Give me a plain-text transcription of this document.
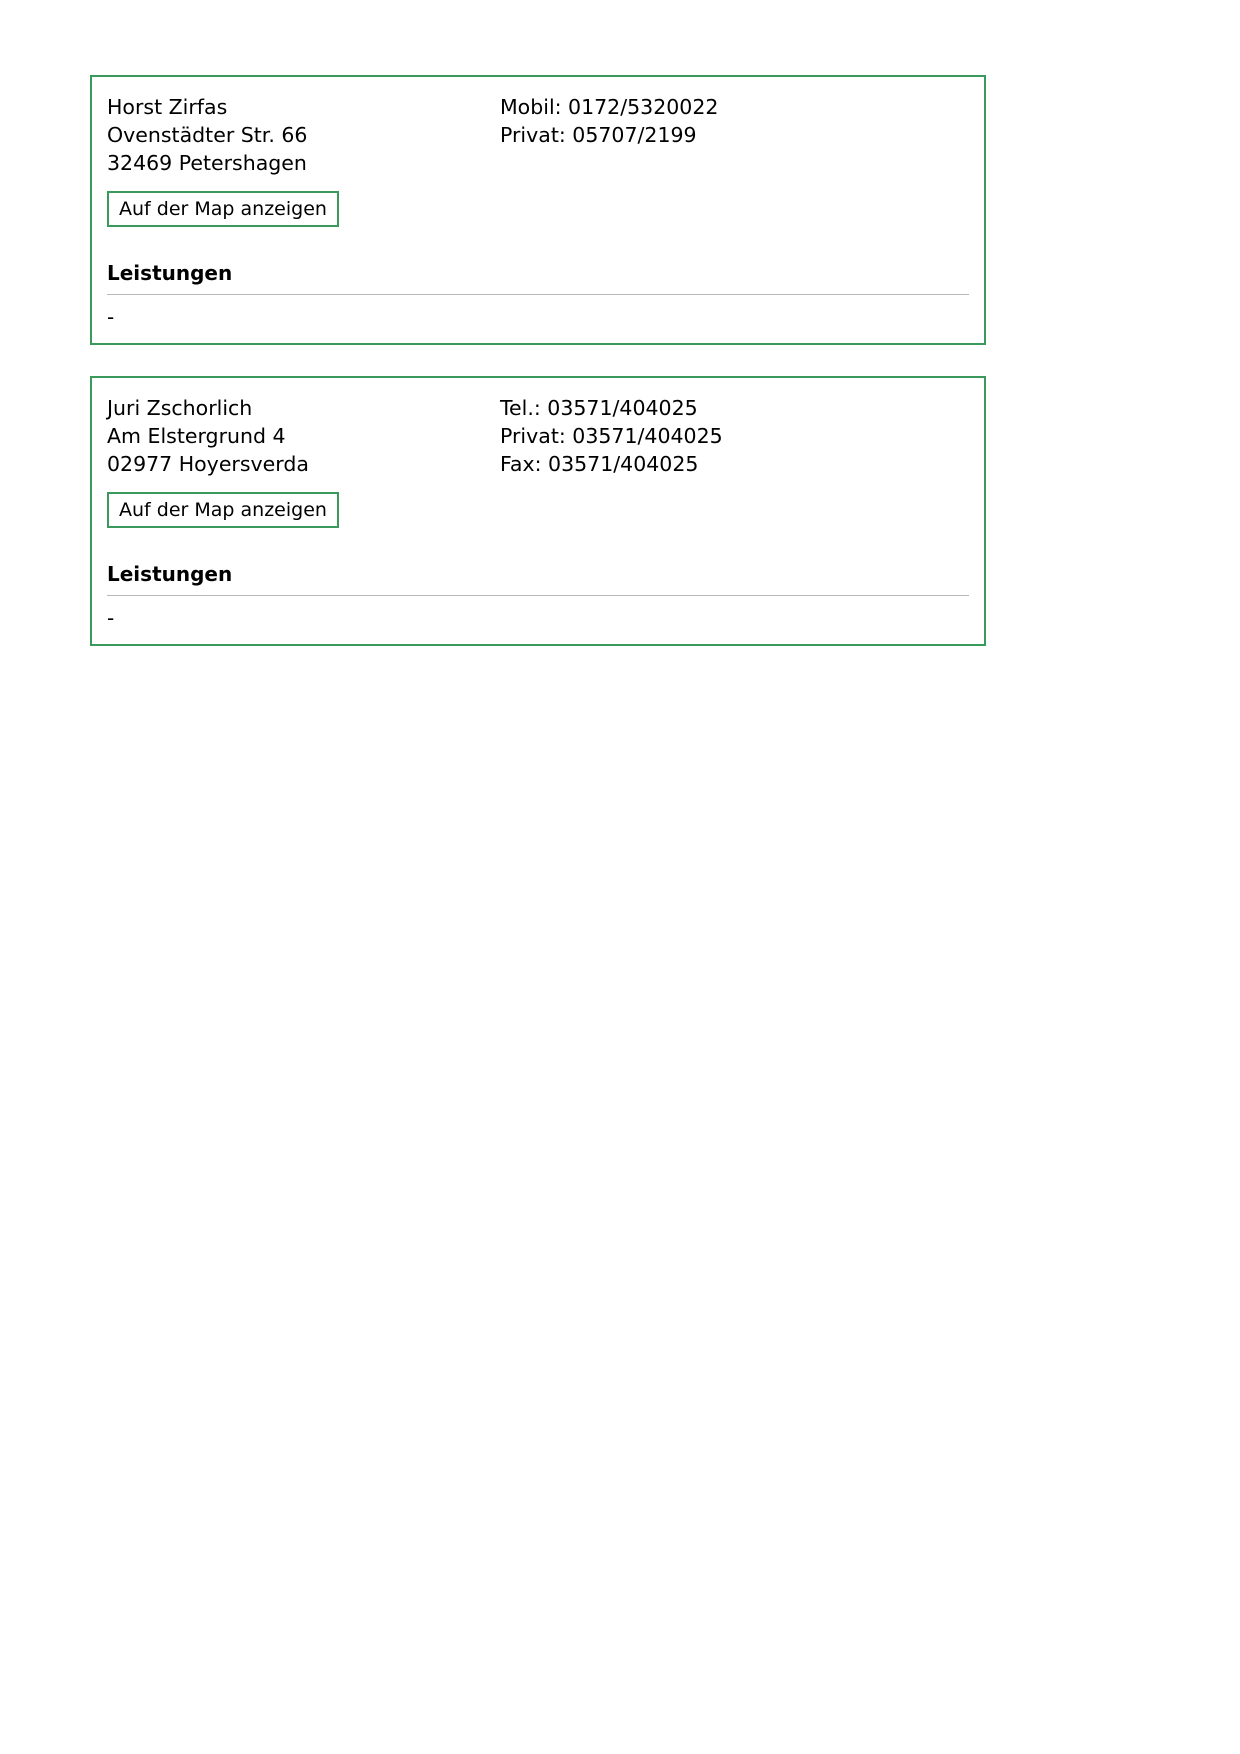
Horst Zirfas
Ovenstädter Str. 66
32469 Petershagen
Auf der Map anzeigen
Mobil: 0172/5320022
Privat: 05707/2199
Leistungen
-
Juri Zschorlich
Am Elstergrund 4
02977 Hoyersverda
Auf der Map anzeigen
Tel.: 03571/404025
Privat: 03571/404025
Fax: 03571/404025
Leistungen
-
